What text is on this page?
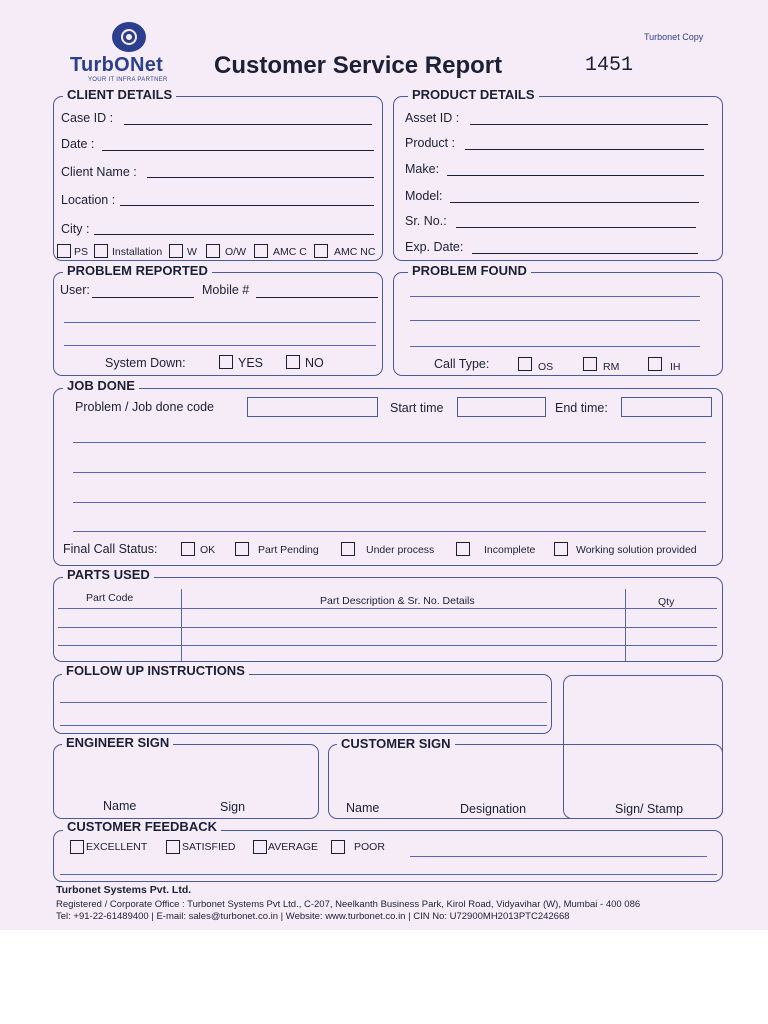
TurbONet
YOUR IT INFRA PARTNER
Customer Service Report	1451
Turbonet Copy
CLIENT DETAILS
Case ID :
Date :
Client Name :
Location :
City :
PS Installation W	O/W	AMC C	AMC NC
PRODUCT DETAILS
Asset ID :
Product :
Make:
Model:
Sr. No.:
Exp. Date:
PROBLEM REPORTED
User:	Mobile #
System Down:	YES	NO
PROBLEM FOUND
Call Type:	OS	RM	IH
JOB DONE
Problem / Job done code	Start time	End time:
Final Call Status:	OK	Part Pending	Under process	Incomplete	Working solution provided
PARTS USED
Part Code	Part Description & Sr. No. Details	Qty
FOLLOW UP INSTRUCTIONS
ENGINEER SIGN
Name	Sign
CUSTOMER SIGN
Name	Designation	Sign/ Stamp
CUSTOMER FEEDBACK
EXCELLENT	SATISFIED	AVERAGE	POOR
Turbonet Systems Pvt. Ltd.
Registered / Corporate Office : Turbonet Systems Pvt Ltd., C-207, Neelkanth Business Park, Kirol Road, Vidyavihar (W), Mumbai - 400 086
Tel: +91-22-61489400 | E-mail: sales@turbonet.co.in | Website: www.turbonet.co.in | CIN No: U72900MH2013PTC242668
